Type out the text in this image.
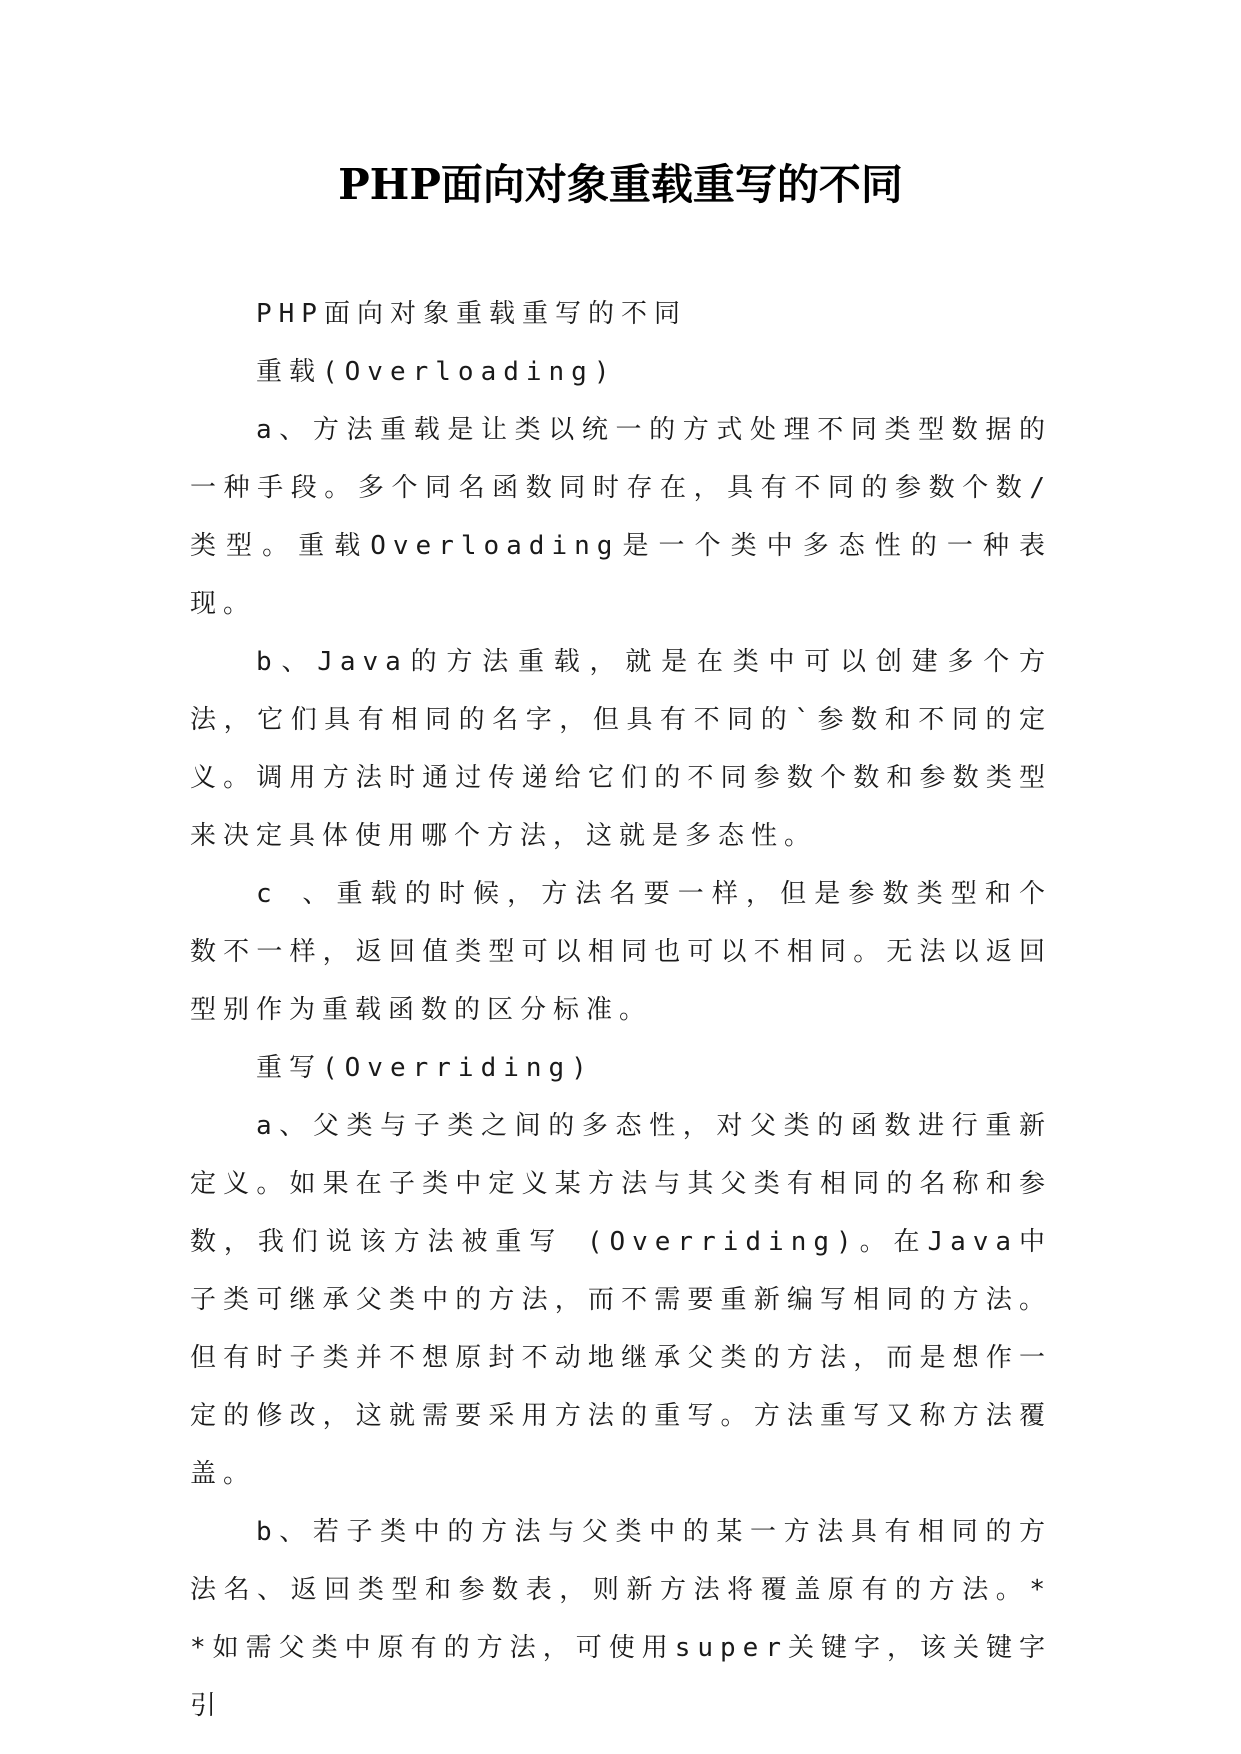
PHP面向对象重载重写的不同

PHP面向对象重载重写的不同

重载(Overloading)

a、方法重载是让类以统一的方式处理不同类型数据的一种手段。多个同名函数同时存在，具有不同的参数个数/类型。重载Overloading是一个类中多态性的一种表现。

b、Java的方法重载，就是在类中可以创建多个方法，它们具有相同的名字，但具有不同的`参数和不同的定义。调用方法时通过传递给它们的不同参数个数和参数类型来决定具体使用哪个方法，这就是多态性。

c 、重载的时候，方法名要一样，但是参数类型和个数不一样，返回值类型可以相同也可以不相同。无法以返回型别作为重载函数的区分标准。

重写(Overriding)

a、父类与子类之间的多态性，对父类的函数进行重新定义。如果在子类中定义某方法与其父类有相同的名称和参数，我们说该方法被重写 (Overriding)。在Java中子类可继承父类中的方法，而不需要重新编写相同的方法。但有时子类并不想原封不动地继承父类的方法，而是想作一定的修改，这就需要采用方法的重写。方法重写又称方法覆盖。

b、若子类中的方法与父类中的某一方法具有相同的方法名、返回类型和参数表，则新方法将覆盖原有的方法。**如需父类中原有的方法，可使用super关键字，该关键字引
